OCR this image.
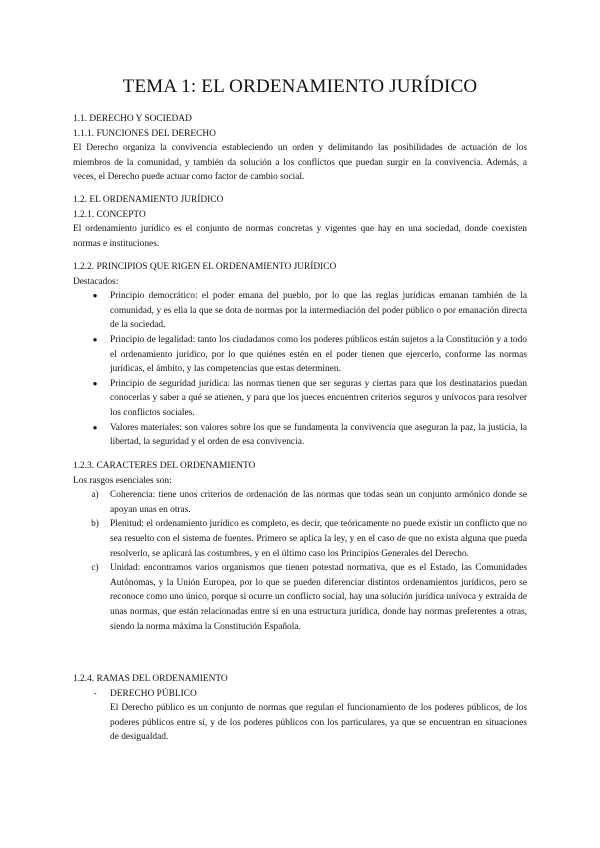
TEMA 1: EL ORDENAMIENTO JURÍDICO
1.1. DERECHO Y SOCIEDAD
1.1.1. FUNCIONES DEL DERECHO
El Derecho organiza la convivencia estableciendo un orden y delimitando las posibilidades de actuación de los miembros de la comunidad, y también da solución a los conflictos que puedan surgir en la convivencia. Además, a veces, el Derecho puede actuar como factor de cambio social.
1.2. EL ORDENAMIENTO JURÍDICO
1.2.1. CONCEPTO
El ordenamiento jurídico es el conjunto de normas concretas y vigentes que hay en una sociedad, donde coexisten normas e instituciones.
1.2.2. PRINCIPIOS QUE RIGEN EL ORDENAMIENTO JURÍDICO
Destacados:
●	Principio democrático: el poder emana del pueblo, por lo que las reglas jurídicas emanan también de la comunidad, y es ella la que se dota de normas por la intermediación del poder público o por emanación directa de la sociedad.
●	Principio de legalidad: tanto los ciudadanos como los poderes públicos están sujetos a la Constitución y a todo el ordenamiento jurídico, por lo que quiénes estén en el poder tienen que ejercerlo, conforme las normas jurídicas, el ámbito, y las competencias que estas determinen.
●	Principio de seguridad jurídica: las normas tienen que ser seguras y ciertas para que los destinatarios puedan conocerlas y saber a qué se atienen, y para que los jueces encuentren criterios seguros y unívocos para resolver los conflictos sociales.
●	Valores materiales: son valores sobre los que se fundamenta la convivencia que aseguran la paz, la justicia, la libertad, la seguridad y el orden de esa convivencia.
1.2.3. CARACTERES DEL ORDENAMIENTO
Los rasgos esenciales son:
a)	Coherencia: tiene unos criterios de ordenación de las normas que todas sean un conjunto armónico donde se apoyan unas en otras.
b)	Plenitud: el ordenamiento jurídico es completo, es decir, que teóricamente no puede existir un conflicto que no sea resuelto con el sistema de fuentes. Primero se aplica la ley, y en el caso de que no exista alguna que pueda resolverlo, se aplicará las costumbres, y en el último caso los Principios Generales del Derecho.
c)	Unidad: encontramos varios organismos que tienen potestad normativa, que es el Estado, las Comunidades Autónomas, y la Unión Europea, por lo que se pueden diferenciar distintos ordenamientos jurídicos, pero se reconoce como uno único, porque si ocurre un conflicto social, hay una solución jurídica unívoca y extraída de unas normas, que están relacionadas entre sí en una estructura jurídica, donde hay normas preferentes a otras, siendo la norma máxima la Constitución Española.
1.2.4. RAMAS DEL ORDENAMIENTO
-	DERECHO PÚBLICO
El Derecho público es un conjunto de normas que regulan el funcionamiento de los poderes públicos, de los poderes públicos entre sí, y de los poderes públicos con los particulares, ya que se encuentran en situaciones de desigualdad.
